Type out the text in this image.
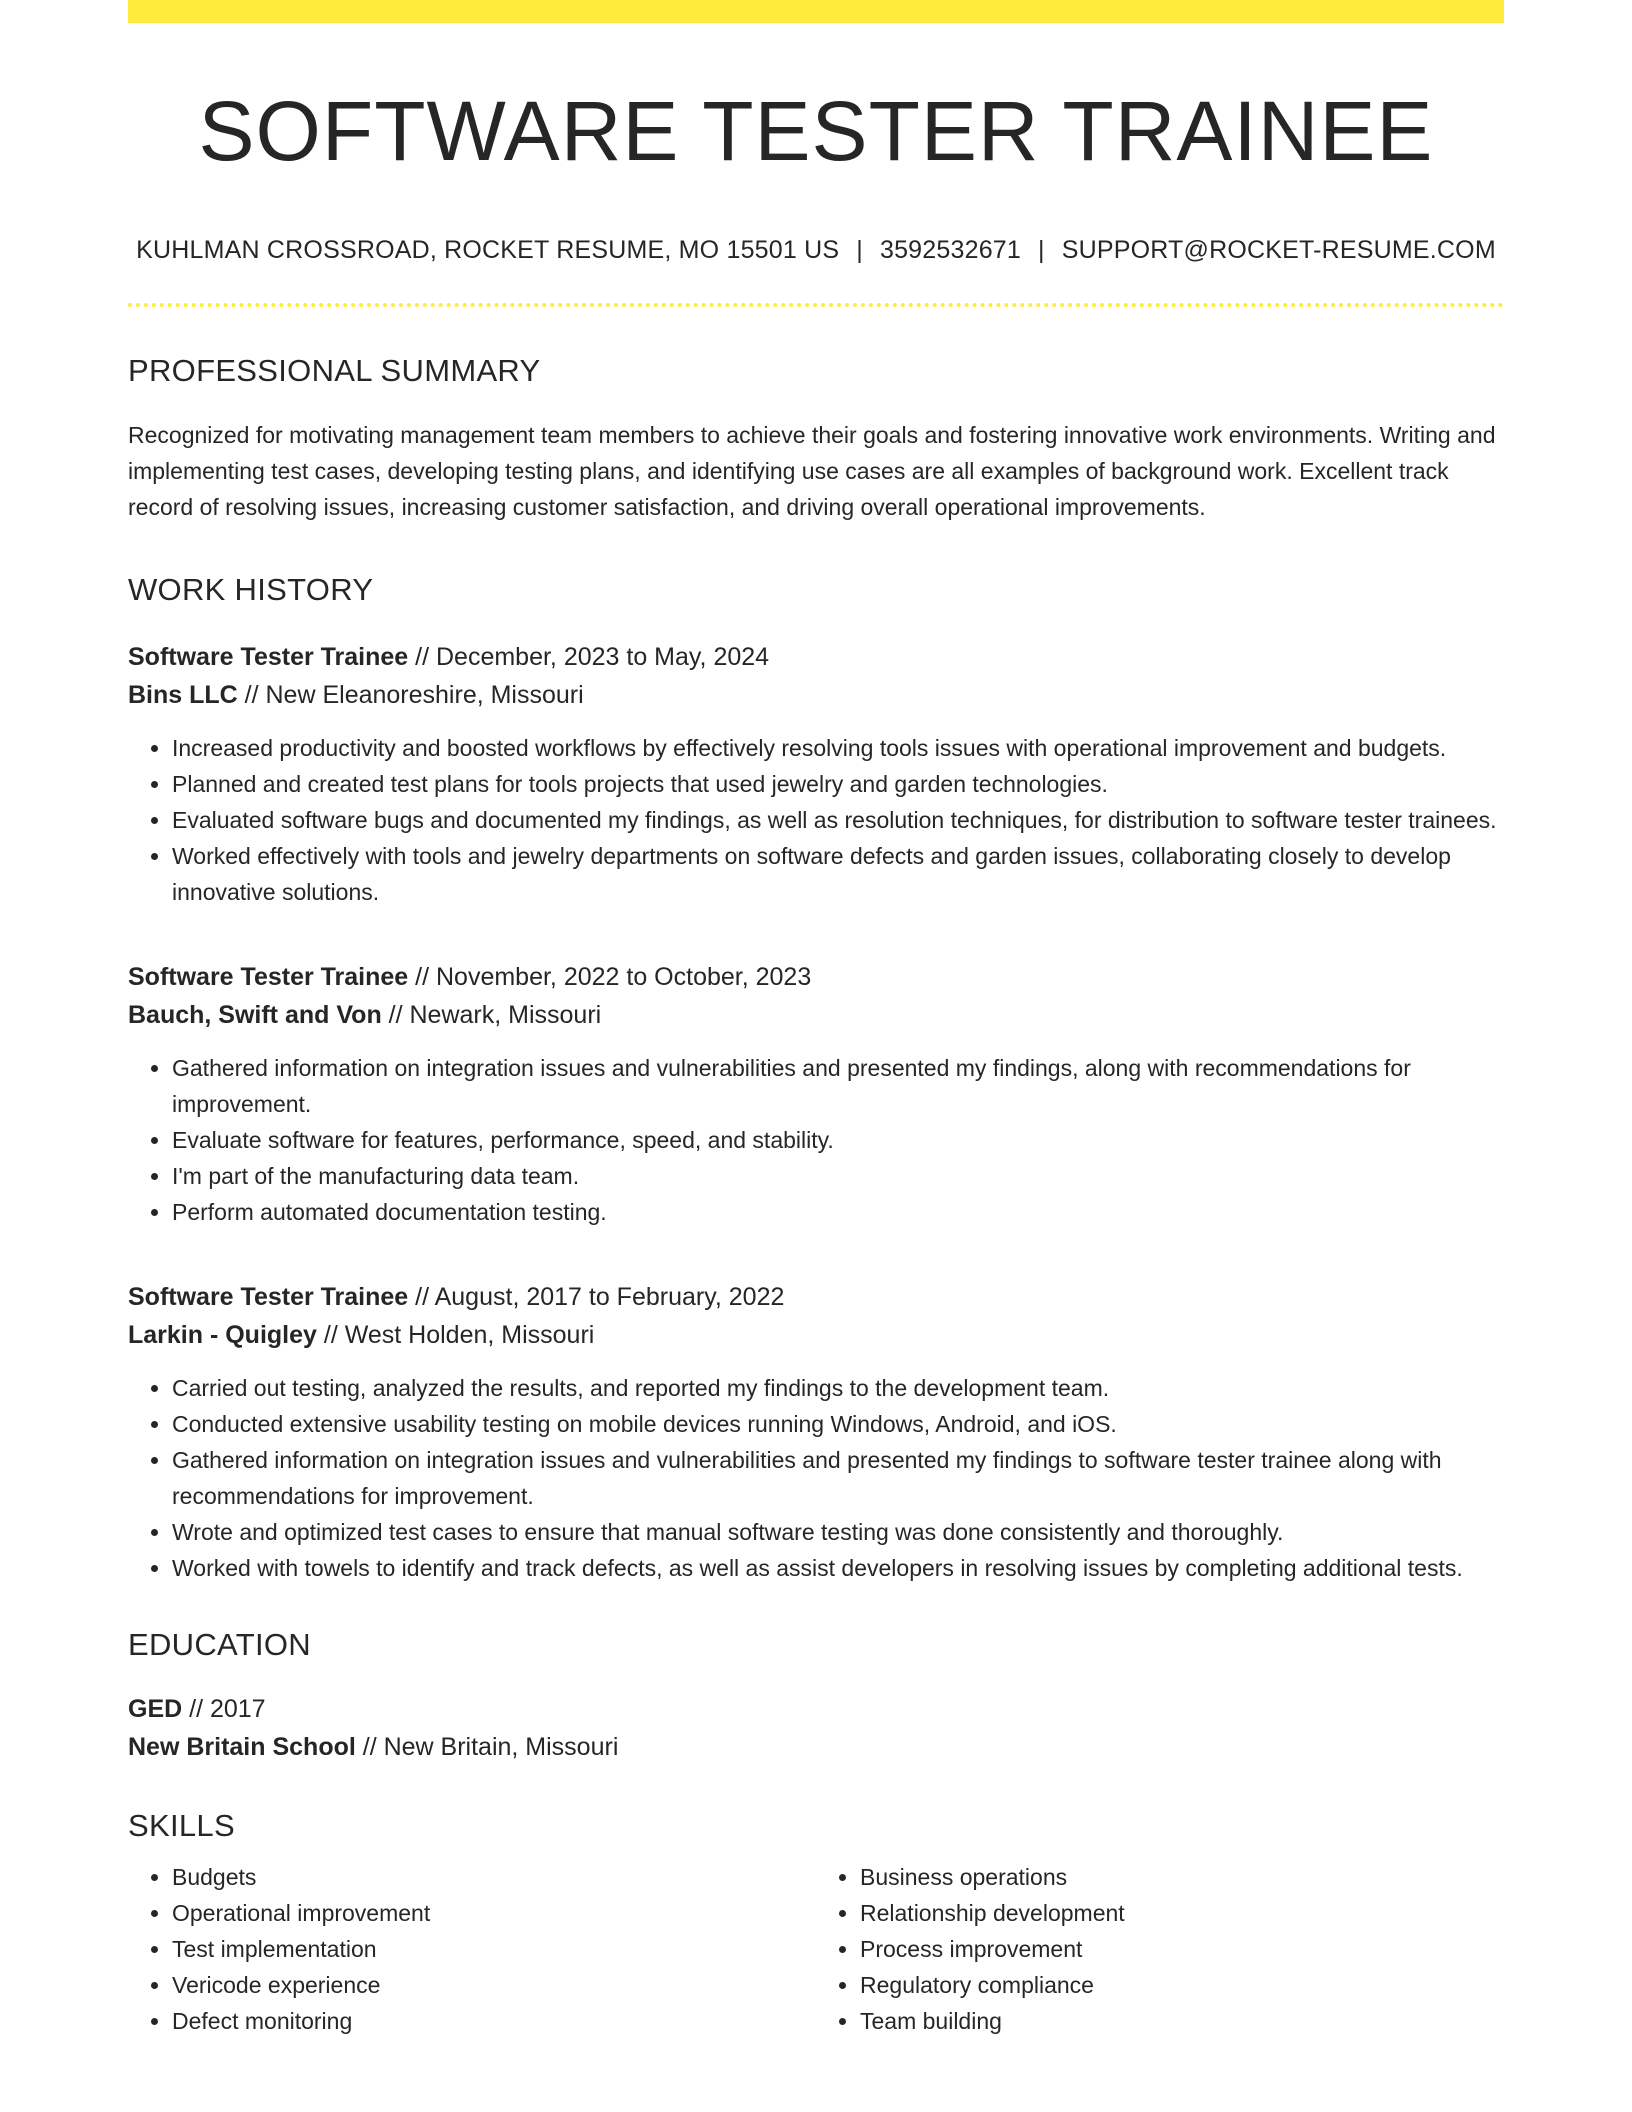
SOFTWARE TESTER TRAINEE
KUHLMAN CROSSROAD, ROCKET RESUME, MO 15501 US | 3592532671 | SUPPORT@ROCKET-RESUME.COM
PROFESSIONAL SUMMARY
Recognized for motivating management team members to achieve their goals and fostering innovative work environments. Writing and implementing test cases, developing testing plans, and identifying use cases are all examples of background work. Excellent track record of resolving issues, increasing customer satisfaction, and driving overall operational improvements.
WORK HISTORY
Software Tester Trainee // December, 2023 to May, 2024
Bins LLC // New Eleanoreshire, Missouri
• Increased productivity and boosted workflows by effectively resolving tools issues with operational improvement and budgets.
• Planned and created test plans for tools projects that used jewelry and garden technologies.
• Evaluated software bugs and documented my findings, as well as resolution techniques, for distribution to software tester trainees.
• Worked effectively with tools and jewelry departments on software defects and garden issues, collaborating closely to develop innovative solutions.
Software Tester Trainee // November, 2022 to October, 2023
Bauch, Swift and Von // Newark, Missouri
• Gathered information on integration issues and vulnerabilities and presented my findings, along with recommendations for improvement.
• Evaluate software for features, performance, speed, and stability.
• I'm part of the manufacturing data team.
• Perform automated documentation testing.
Software Tester Trainee // August, 2017 to February, 2022
Larkin - Quigley // West Holden, Missouri
• Carried out testing, analyzed the results, and reported my findings to the development team.
• Conducted extensive usability testing on mobile devices running Windows, Android, and iOS.
• Gathered information on integration issues and vulnerabilities and presented my findings to software tester trainee along with recommendations for improvement.
• Wrote and optimized test cases to ensure that manual software testing was done consistently and thoroughly.
• Worked with towels to identify and track defects, as well as assist developers in resolving issues by completing additional tests.
EDUCATION
GED // 2017
New Britain School // New Britain, Missouri
SKILLS
• Budgets
• Operational improvement
• Test implementation
• Vericode experience
• Defect monitoring
• Business operations
• Relationship development
• Process improvement
• Regulatory compliance
• Team building
